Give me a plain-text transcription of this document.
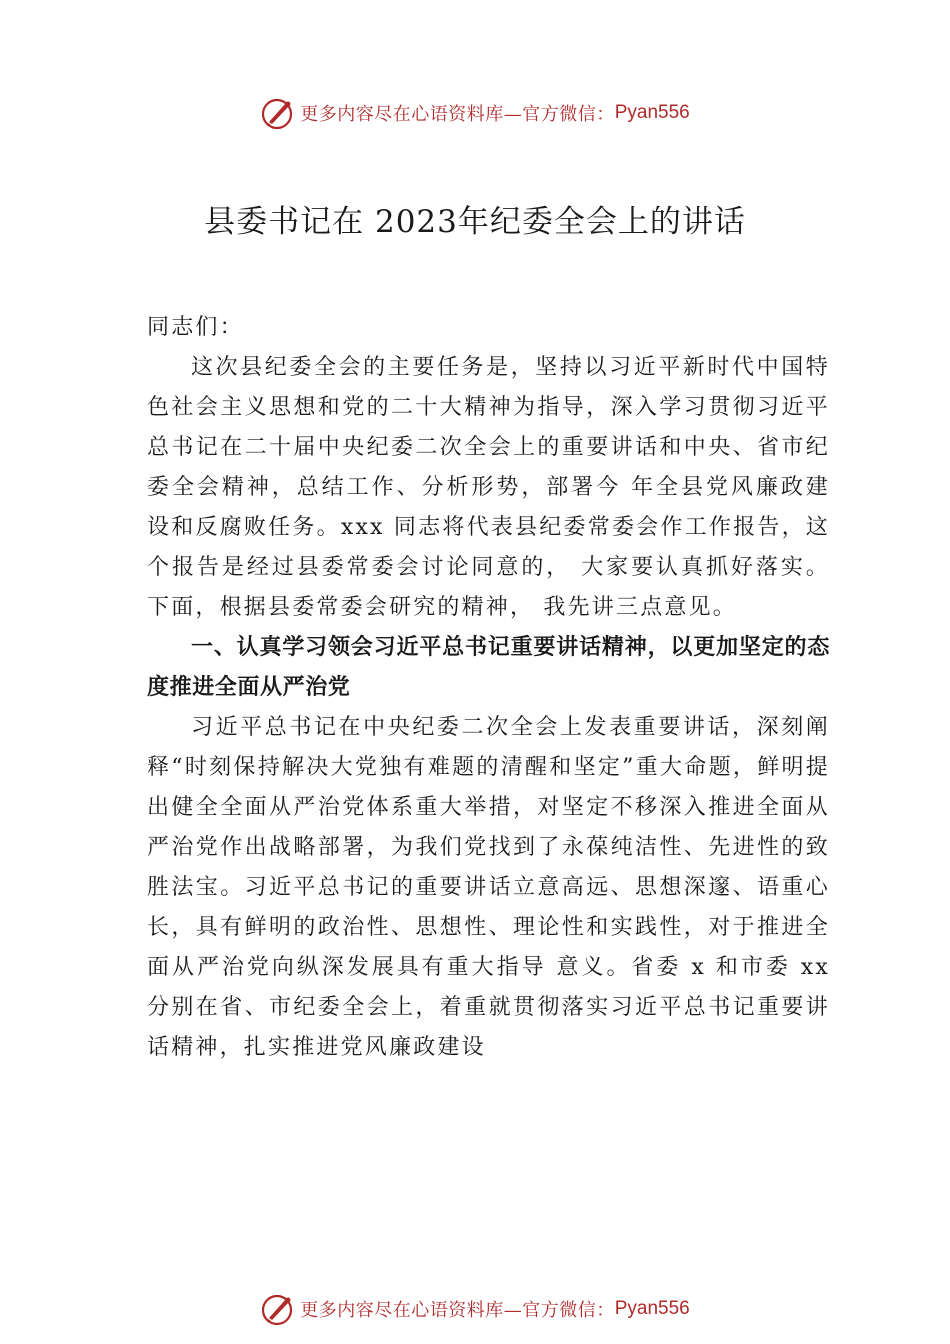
更多内容尽在心语资料库—官方微信： Pyan556
县委书记在 2023年纪委全会上的讲话

同志们：

这次县纪委全会的主要任务是，坚持以习近平新时代中国特色社会主义思想和党的二十大精神为指导，深入学习贯彻习近平总书记在二十届中央纪委二次全会上的重要讲话和中央、省市纪委全会精神，总结工作、分析形势，部署今 年全县党风廉政建设和反腐败任务。xxx 同志将代表县纪委常委会作工作报告，这个报告是经过县委常委会讨论同意的， 大家要认真抓好落实。下面，根据县委常委会研究的精神， 我先讲三点意见。

一、认真学习领会习近平总书记重要讲话精神，以更加坚定的态度推进全面从严治党

习近平总书记在中央纪委二次全会上发表重要讲话，深刻阐释“时刻保持解决大党独有难题的清醒和坚定”重大命题，鲜明提出健全全面从严治党体系重大举措，对坚定不移深入推进全面从严治党作出战略部署，为我们党找到了永葆纯洁性、先进性的致胜法宝。习近平总书记的重要讲话立意高远、思想深邃、语重心长，具有鲜明的政治性、思想性、理论性和实践性，对于推进全面从严治党向纵深发展具有重大指导 意义。省委 x 和市委 xx 分别在省、市纪委全会上，着重就贯彻落实习近平总书记重要讲话精神，扎实推进党风廉政建设

更多内容尽在心语资料库—官方微信： Pyan556
